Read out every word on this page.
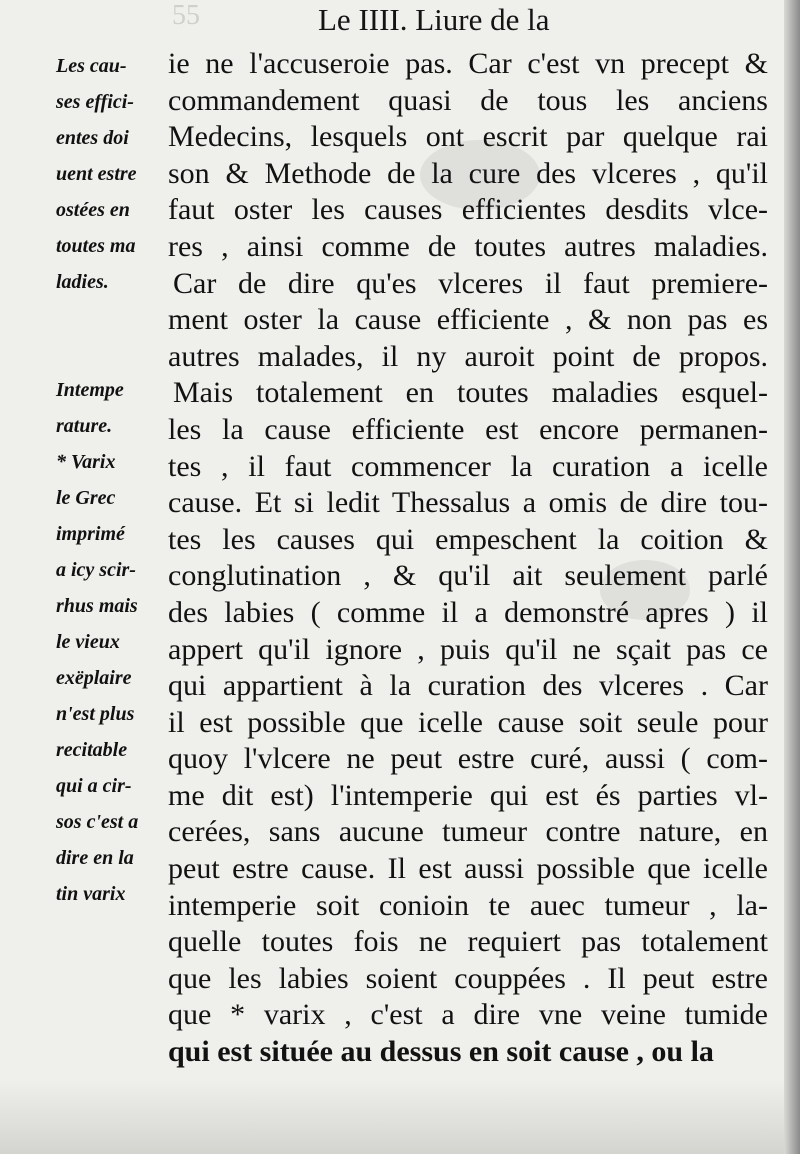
55	Le IIII. Liure de la
Les cau-
ses effici-
entes doi
uent estre
ostées en
toutes ma
ladies.
Intempe
rature.
* Varix
le Grec
imprimé
a icy scir-
rhus mais
le vieux
exëplaire
n'est plus
recitable
qui a cir-
sos c'est a
dire en la
tin varix
ie ne l'accuseroie pas. Car c'est vn precept &
commandement quasi de tous les anciens
Medecins, lesquels ont escrit par quelque rai
son & Methode de la cure des vlceres , qu'il
faut oster les causes efficientes desdits vlce-
res , ainsi comme de toutes autres maladies.
Car de dire qu'es vlceres il faut premiere-
ment oster la cause efficiente , & non pas es
autres malades, il ny auroit point de propos.
Mais totalement en toutes maladies esquel-
les la cause efficiente est encore permanen-
tes , il faut commencer la curation a icelle
cause. Et si ledit Thessalus a omis de dire tou-
tes les causes qui empeschent la coition &
conglutination , & qu'il ait seulement parlé
des labies ( comme il a demonstré apres ) il
appert qu'il ignore , puis qu'il ne sçait pas ce
qui appartient à la curation des vlceres . Car
il est possible que icelle cause soit seule pour
quoy l'vlcere ne peut estre curé, aussi ( com-
me dit est) l'intemperie qui est és parties vl-
cerées, sans aucune tumeur contre nature, en
peut estre cause. Il est aussi possible que icelle
intemperie soit conioin te auec tumeur , la-
quelle toutes fois ne requiert pas totalement
que les labies soient couppées . Il peut estre
que * varix , c'est a dire vne veine tumide
qui est située au dessus en soit cause , ou la
